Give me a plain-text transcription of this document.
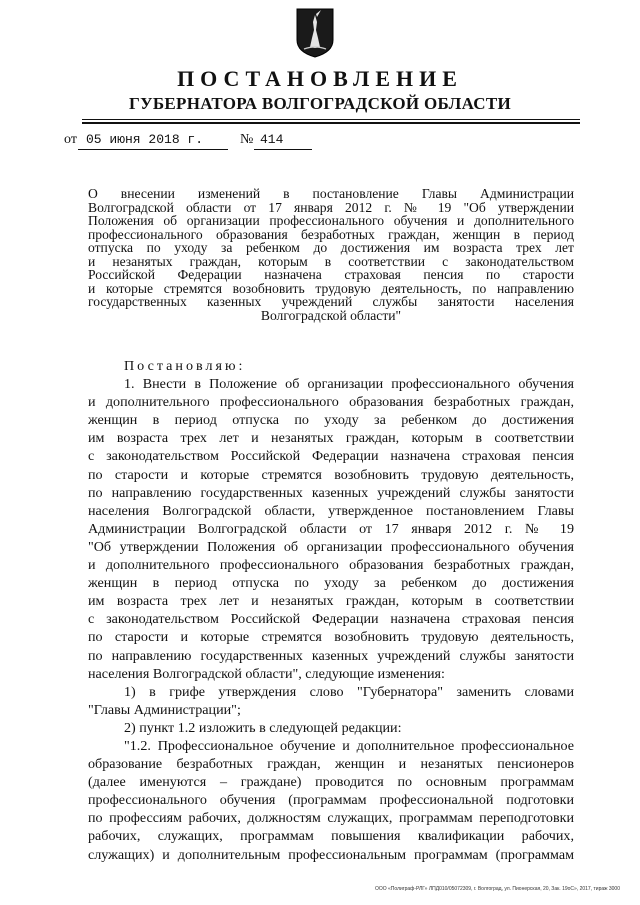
ПОСТАНОВЛЕНИЕ
ГУБЕРНАТОРА ВОЛГОГРАДСКОЙ ОБЛАСТИ
от 05 июня 2018 г.	№ 414
О внесении изменений в постановление Главы Администрации
Волгоградской области от 17 января 2012 г. № 19 "Об утверждении
Положения об организации профессионального обучения и дополнительного
профессионального образования безработных граждан, женщин в период
отпуска по уходу за ребенком до достижения им возраста трех лет
и незанятых граждан, которым в соответствии с законодательством
Российской Федерации назначена страховая пенсия по старости
и которые стремятся возобновить трудовую деятельность, по направлению
государственных казенных учреждений службы занятости населения
Волгоградской области"
Постановляю:
1. Внести в Положение об организации профессионального обучения
и дополнительного профессионального образования безработных граждан,
женщин в период отпуска по уходу за ребенком до достижения
им возраста трех лет и незанятых граждан, которым в соответствии
с законодательством Российской Федерации назначена страховая пенсия
по старости и которые стремятся возобновить трудовую деятельность,
по направлению государственных казенных учреждений службы занятости
населения Волгоградской области, утвержденное постановлением Главы
Администрации Волгоградской области от 17 января 2012 г. № 19
"Об утверждении Положения об организации профессионального обучения
и дополнительного профессионального образования безработных граждан,
женщин в период отпуска по уходу за ребенком до достижения
им возраста трех лет и незанятых граждан, которым в соответствии
с законодательством Российской Федерации назначена страховая пенсия
по старости и которые стремятся возобновить трудовую деятельность,
по направлению государственных казенных учреждений службы занятости
населения Волгоградской области", следующие изменения:
1) в грифе утверждения слово "Губернатора" заменить словами
"Главы Администрации";
2) пункт 1.2 изложить в следующей редакции:
"1.2. Профессиональное обучение и дополнительное профессиональное
образование безработных граждан, женщин и незанятых пенсионеров
(далее именуются – граждане) проводится по основным программам
профессионального обучения (программам профессиональной подготовки
по профессиям рабочих, должностям служащих, программам переподготовки
рабочих, служащих, программам повышения квалификации рабочих,
служащих) и дополнительным профессиональным программам (программам
ООО «Полиграф-РЛГ» ЛПД010/05072309, г. Волгоград, ул. Пионерская, 20, Зак. 19оС», 2017, тираж 3000
